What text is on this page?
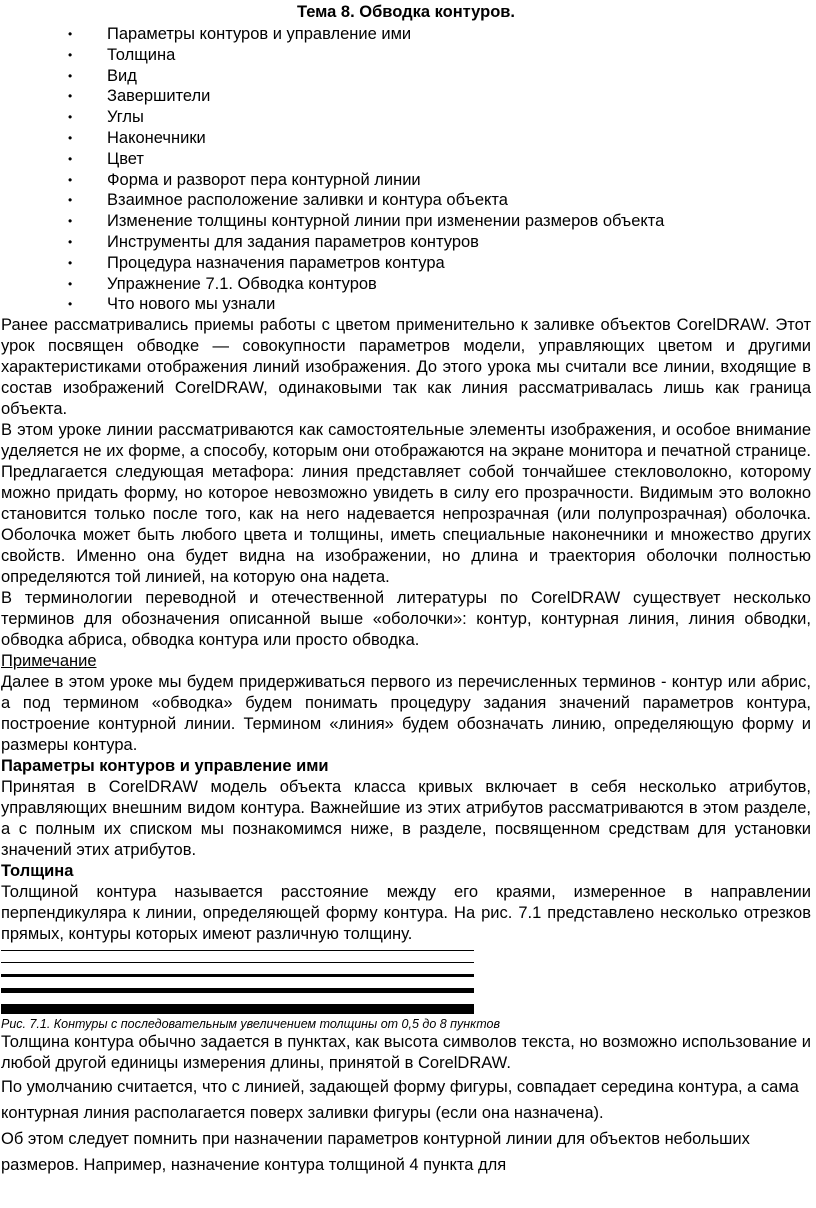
Тема 8. Обводка контуров.
• Параметры контуров и управление ими
• Толщина
• Вид
• Завершители
• Углы
• Наконечники
• Цвет
• Форма и разворот пера контурной линии
• Взаимное расположение заливки и контура объекта
• Изменение толщины контурной линии при изменении размеров объекта
• Инструменты для задания параметров контуров
• Процедура назначения параметров контура
• Упражнение 7.1. Обводка контуров
• Что нового мы узнали

Ранее рассматривались приемы работы с цветом применительно к заливке объектов CorelDRAW. Этот урок посвящен обводке — совокупности параметров модели, управляющих цветом и другими характеристиками отображения линий изображения. До этого урока мы считали все линии, входящие в состав изображений CorelDRAW, одинаковыми так как линия рассматривалась лишь как граница объекта.

В этом уроке линии рассматриваются как самостоятельные элементы изображения, и особое внимание уделяется не их форме, а способу, которым они отображаются на экране монитора и печатной странице. Предлагается следующая метафора: линия представляет собой тончайшее стекловолокно, которому можно придать форму, но которое невозможно увидеть в силу его прозрачности. Видимым это волокно становится только после того, как на него надевается непрозрачная (или полупрозрачная) оболочка. Оболочка может быть любого цвета и толщины, иметь специальные наконечники и множество других свойств. Именно она будет видна на изображении, но длина и траектория оболочки полностью определяются той линией, на которую она надета.

В терминологии переводной и отечественной литературы по CorelDRAW существует несколько терминов для обозначения описанной выше «оболочки»: контур, контурная линия, линия обводки, обводка абриса, обводка контура или просто обводка.

Примечание

Далее в этом уроке мы будем придерживаться первого из перечисленных терминов - контур или абрис, а под термином «обводка» будем понимать процедуру задания значений параметров контура, построение контурной линии. Термином «линия» будем обозначать линию, определяющую форму и размеры контура.

Параметры контуров и управление ими

Принятая в CorelDRAW модель объекта класса кривых включает в себя несколько атрибутов, управляющих внешним видом контура. Важнейшие из этих атрибутов рассматриваются в этом разделе, а с полным их списком мы познакомимся ниже, в разделе, посвященном средствам для установки значений этих атрибутов.

Толщина

Толщиной контура называется расстояние между его краями, измеренное в направлении перпендикуляра к линии, определяющей форму контура. На рис. 7.1 представлено несколько отрезков прямых, контуры которых имеют различную толщину.

Рис. 7.1. Контуры с последовательным увеличением толщины от 0,5 до 8 пунктов

Толщина контура обычно задается в пунктах, как высота символов текста, но возможно использование и любой другой единицы измерения длины, принятой в CorelDRAW.

По умолчанию считается, что с линией, задающей форму фигуры, совпадает середина контура, а сама контурная линия располагается поверх заливки фигуры (если она назначена).

Об этом следует помнить при назначении параметров контурной линии для объектов небольших размеров. Например, назначение контура толщиной 4 пункта для
